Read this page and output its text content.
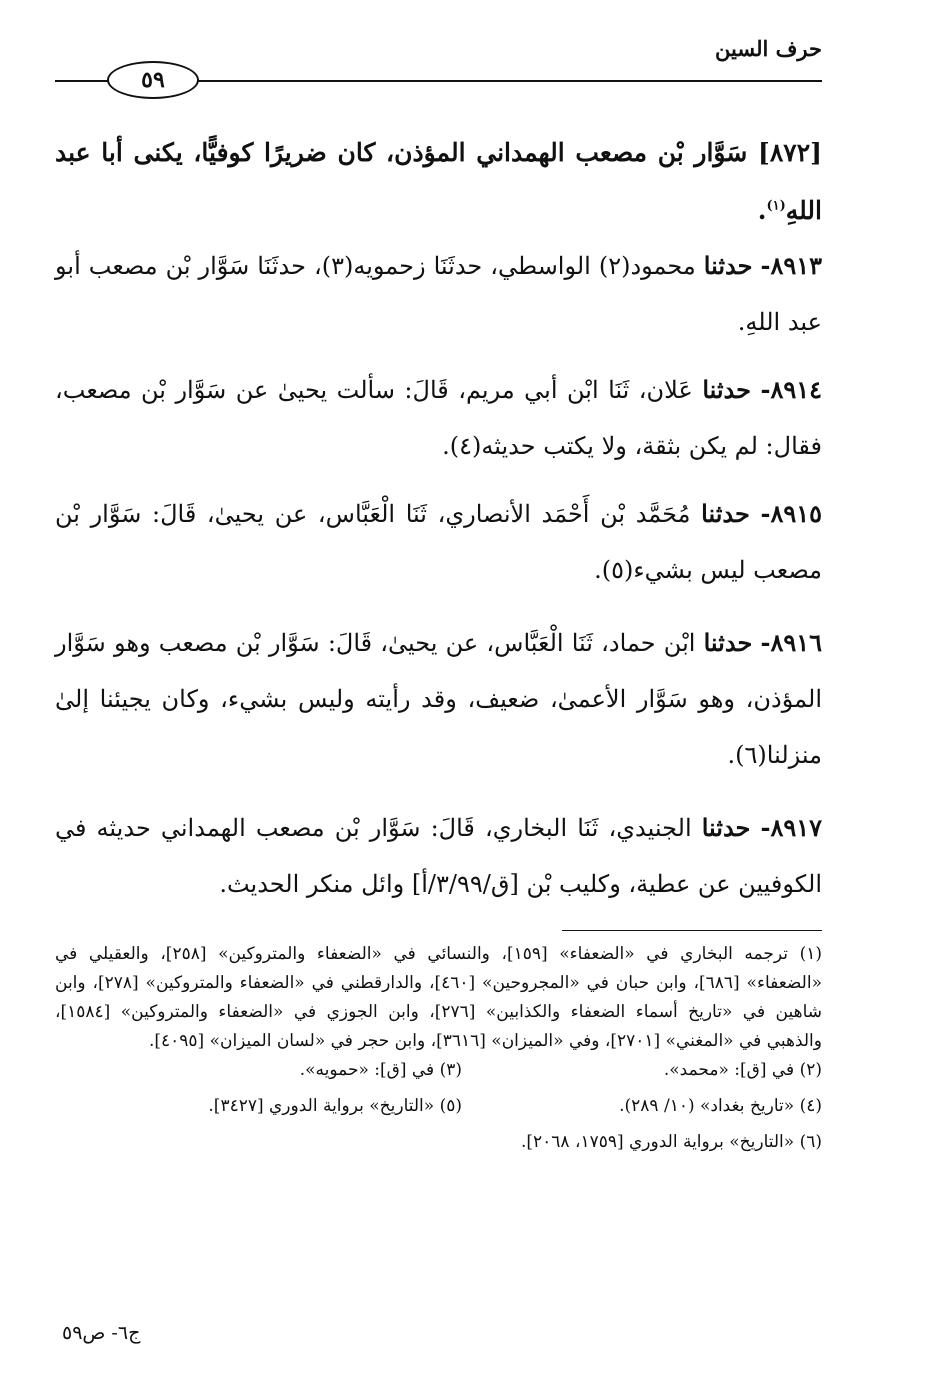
حرف السين
٥٩

[٨٧٢] سَوَّار بْن مصعب الهمداني المؤذن، كان ضريرًا كوفيًّا، يكنى أبا عبد اللهِ$^{(١)}$.

٨٩١٣- حدثنا محمود(٢) الواسطي، حدثَنَا زحمويه(٣)، حدثَنَا سَوَّار بْن مصعب أبو عبد اللهِ.

٨٩١٤- حدثنا عَلان، ثَنَا ابْن أبي مريم، قَالَ: سألت يحيىٰ عن سَوَّار بْن مصعب، فقال: لم يكن بثقة، ولا يكتب حديثه(٤).

٨٩١٥- حدثنا مُحَمَّد بْن أَحْمَد الأنصاري، ثَنَا الْعَبَّاس، عن يحيىٰ، قَالَ: سَوَّار بْن مصعب ليس بشيء(٥).

٨٩١٦- حدثنا ابْن حماد، ثَنَا الْعَبَّاس، عن يحيىٰ، قَالَ: سَوَّار بْن مصعب وهو سَوَّار المؤذن، وهو سَوَّار الأعمىٰ، ضعيف، وقد رأيته وليس بشيء، وكان يجيئنا إلىٰ منزلنا(٦).

٨٩١٧- حدثنا الجنيدي، ثَنَا البخاري، قَالَ: سَوَّار بْن مصعب الهمداني حديثه في الكوفيين عن عطية، وكليب بْن [ق/٣/٩٩/أ] وائل منكر الحديث.

(١) ترجمه البخاري في «الضعفاء» [١٥٩]، والنسائي في «الضعفاء والمتروكين» [٢٥٨]، والعقيلي في «الضعفاء» [٦٨٦]، وابن حبان في «المجروحين» [٤٦٠]، والدارقطني في «الضعفاء والمتروكين» [٢٧٨]، وابن شاهين في «تاريخ أسماء الضعفاء والكذابين» [٢٧٦]، وابن الجوزي في «الضعفاء والمتروكين» [١٥٨٤]، والذهبي في «المغني» [٢٧٠١]، وفي «الميزان» [٣٦١٦]، وابن حجر في «لسان الميزان» [٤٠٩٥].

(٢) في [ق]: «محمد».
(٣) في [ق]: «حمويه».
(٤) «تاريخ بغداد» (١٠/ ٢٨٩).
(٥) «التاريخ» برواية الدوري [٣٤٢٧].
(٦) «التاريخ» برواية الدوري [١٧٥٩، ٢٠٦٨].
ج٦- ص٥٩
